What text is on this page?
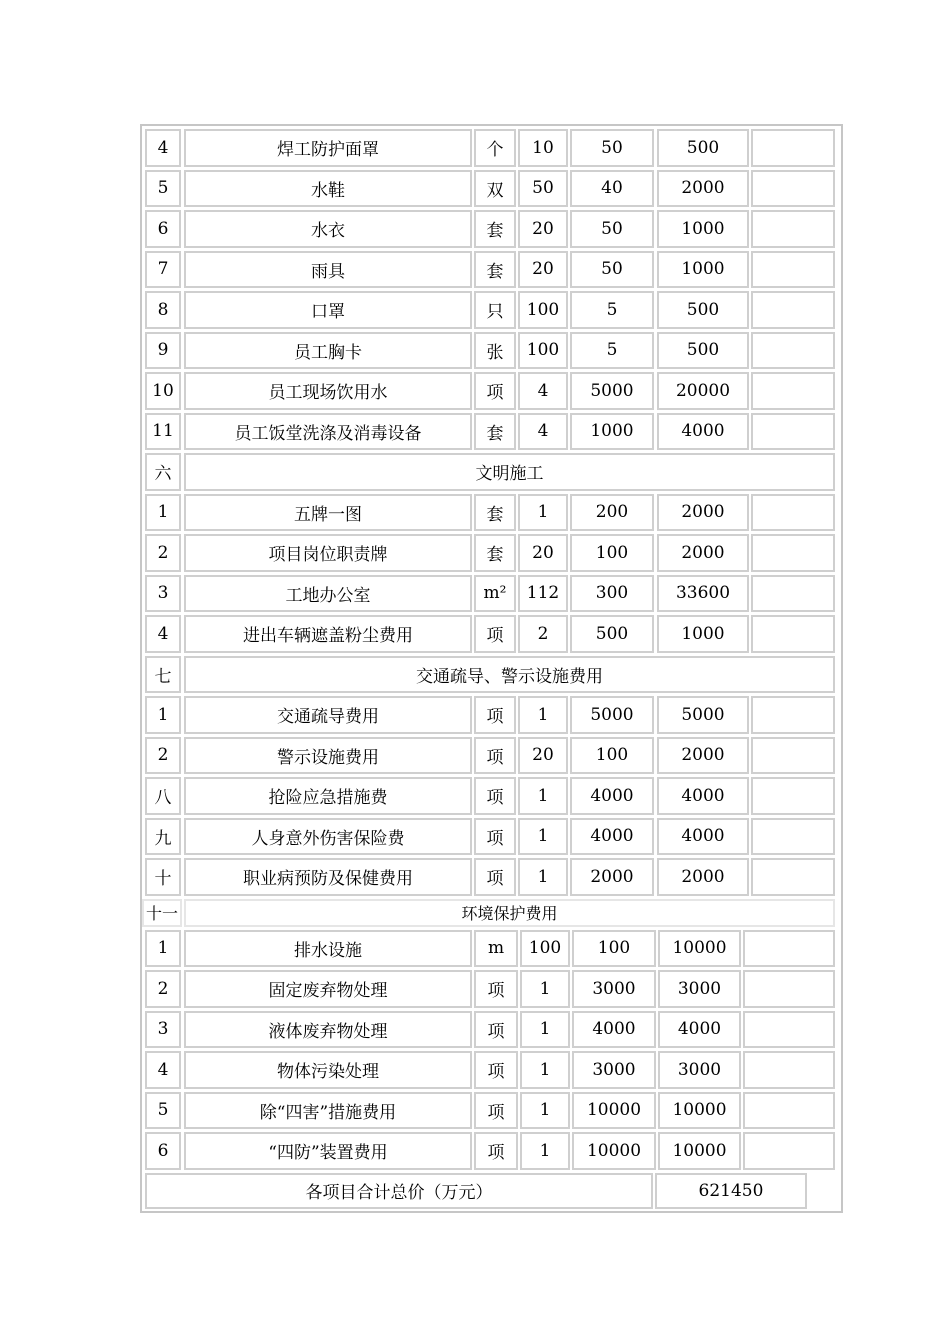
4	焊工防护面罩	个	10	50	500
5	水鞋	双	50	40	2000
6	水衣	套	20	50	1000
7	雨具	套	20	50	1000
8	口罩	只	100	5	500
9	员工胸卡	张	100	5	500
10	员工现场饮用水	项	4	5000	20000
11	员工饭堂洗涤及消毒设备	套	4	1000	4000
六	文明施工
1	五牌一图	套	1	200	2000
2	项目岗位职责牌	套	20	100	2000
3	工地办公室	m²	112	300	33600
4	进出车辆遮盖粉尘费用	项	2	500	1000
七	交通疏导、警示设施费用
1	交通疏导费用	项	1	5000	5000
2	警示设施费用	项	20	100	2000
八	抢险应急措施费	项	1	4000	4000
九	人身意外伤害保险费	项	1	4000	4000
十	职业病预防及保健费用	项	1	2000	2000
十一	环境保护费用
1	排水设施	m	100	100	10000
2	固定废弃物处理	项	1	3000	3000
3	液体废弃物处理	项	1	4000	4000
4	物体污染处理	项	1	3000	3000
5	除“四害”措施费用	项	1	10000	10000
6	“四防”装置费用	项	1	10000	10000
各项目合计总价（万元）	621450
